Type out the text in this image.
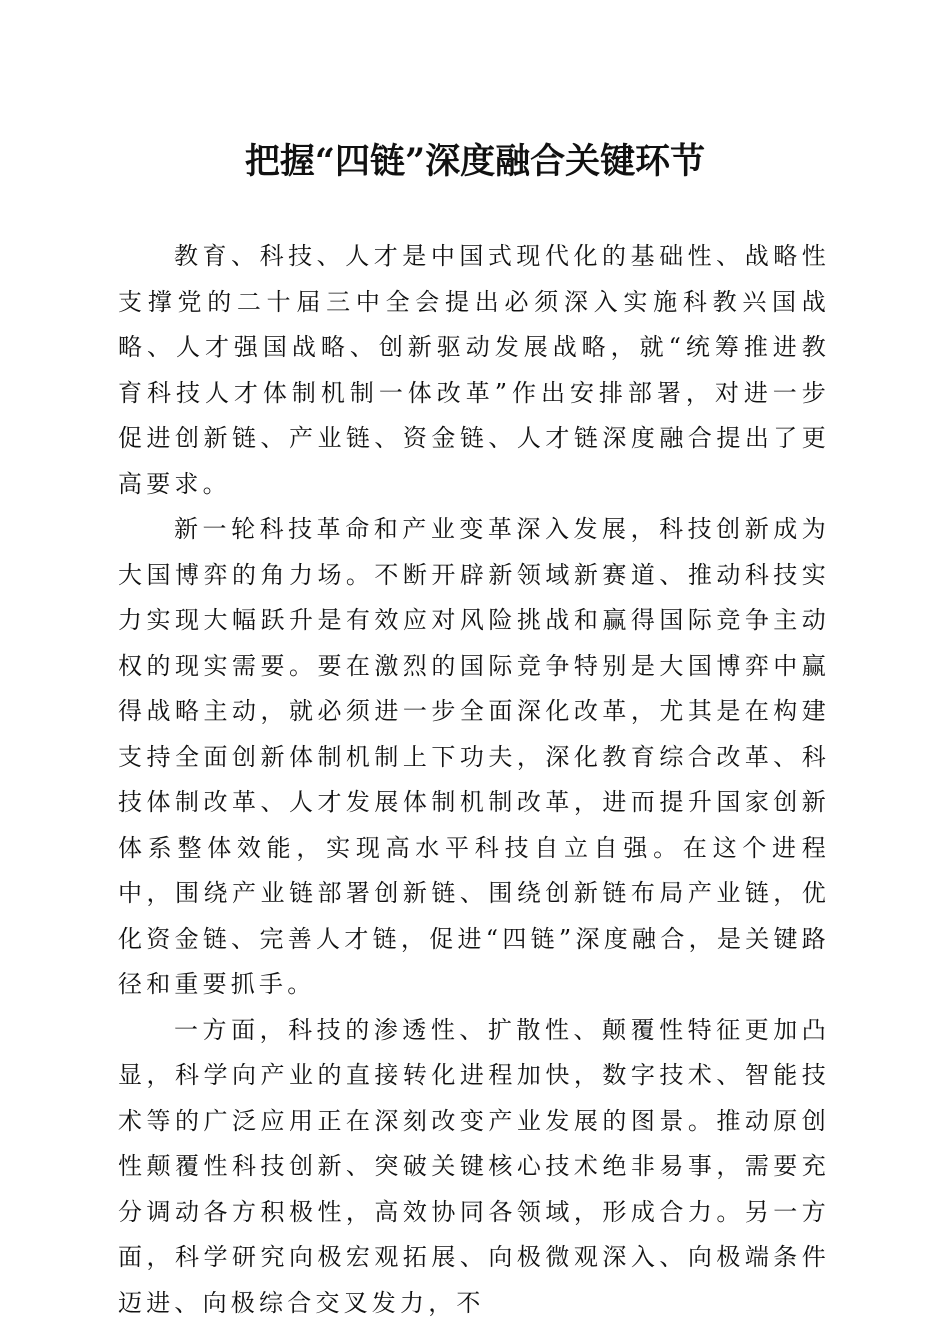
把握“四链”深度融合关键环节

教育、科技、人才是中国式现代化的基础性、战略性支撑党的二十届三中全会提出必须深入实施科教兴国战略、人才强国战略、创新驱动发展战略，就“统筹推进教育科技人才体制机制一体改革”作出安排部署，对进一步促进创新链、产业链、资金链、人才链深度融合提出了更高要求。

新一轮科技革命和产业变革深入发展，科技创新成为大国博弈的角力场。不断开辟新领域新赛道、推动科技实力实现大幅跃升是有效应对风险挑战和赢得国际竞争主动权的现实需要。要在激烈的国际竞争特别是大国博弈中赢得战略主动，就必须进一步全面深化改革，尤其是在构建支持全面创新体制机制上下功夫，深化教育综合改革、科技体制改革、人才发展体制机制改革，进而提升国家创新体系整体效能，实现高水平科技自立自强。在这个进程中，围绕产业链部署创新链、围绕创新链布局产业链，优化资金链、完善人才链，促进“四链”深度融合，是关键路径和重要抓手。

一方面，科技的渗透性、扩散性、颠覆性特征更加凸显，科学向产业的直接转化进程加快，数字技术、智能技术等的广泛应用正在深刻改变产业发展的图景。推动原创性颠覆性科技创新、突破关键核心技术绝非易事，需要充分调动各方积极性，高效协同各领域，形成合力。另一方面，科学研究向极宏观拓展、向极微观深入、向极端条件迈进、向极综合交叉发力，不
